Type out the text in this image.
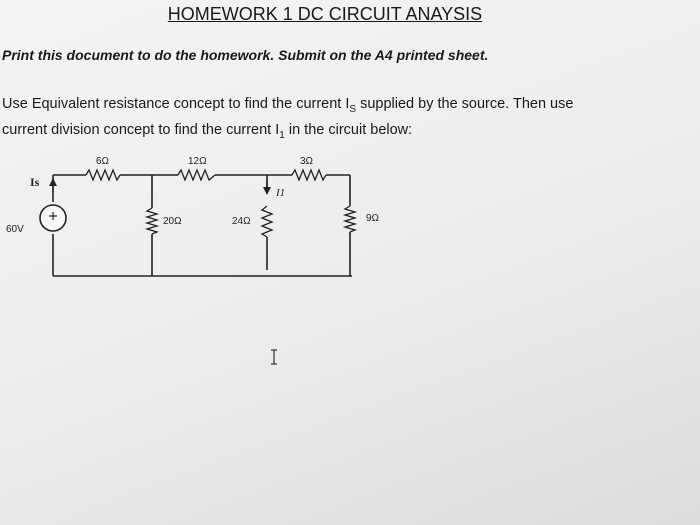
HOMEWORK 1 DC CIRCUIT ANAYSIS
Print this document to do the homework. Submit on the A4 printed sheet.
Use Equivalent resistance concept to find the current $I_S$ supplied by the source. Then use
current division concept to find the current $I_1$ in the circuit below:
6Ω	12Ω	3Ω
20Ω	24Ω	9Ω
60V
Is
I1
